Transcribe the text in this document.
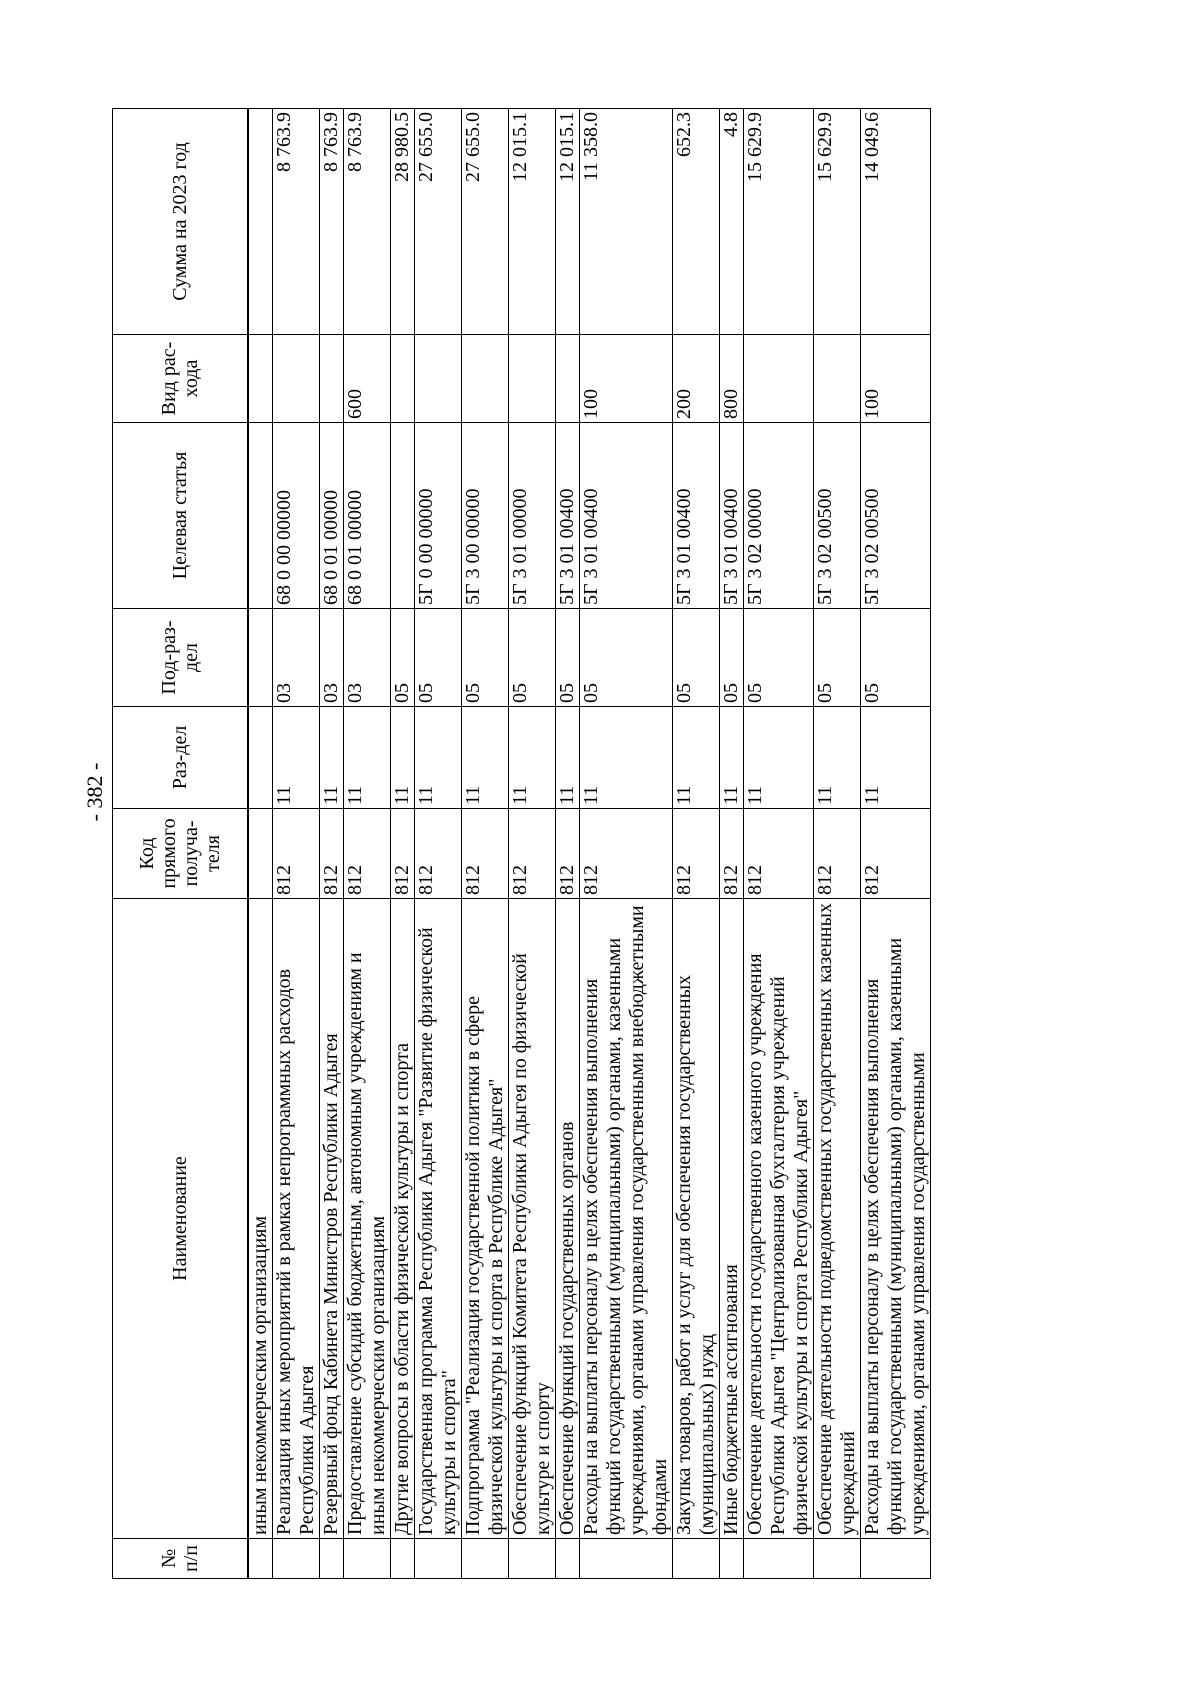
- 382 -
№ п/п	Наименование	Код прямого получа-теля	Раз-дел	Под-раз-дел	Целевая статья	Вид рас-хода	Сумма на 2023 год
	иным некоммерческим организациям						
	Реализация иных мероприятий в рамках непрограммных расходов Республики Адыгея	812	11	03	68 0 00 00000		8 763.9
	Резервный фонд Кабинета Министров Республики Адыгея	812	11	03	68 0 01 00000		8 763.9
	Предоставление субсидий бюджетным, автономным учреждениям и иным некоммерческим организациям	812	11	03	68 0 01 00000	600	8 763.9
	Другие вопросы в области физической культуры и спорта	812	11	05			28 980.5
	Государственная программа Республики Адыгея "Развитие физической культуры и спорта"	812	11	05	5Г 0 00 00000		27 655.0
	Подпрограмма "Реализация государственной политики в сфере физической культуры и спорта в Республике Адыгея"	812	11	05	5Г 3 00 00000		27 655.0
	Обеспечение функций Комитета Республики Адыгея по физической культуре и спорту	812	11	05	5Г 3 01 00000		12 015.1
	Обеспечение функций государственных органов	812	11	05	5Г 3 01 00400		12 015.1
	Расходы на выплаты персоналу в целях обеспечения выполнения функций государственными (муниципальными) органами, казенными учреждениями, органами управления государственными внебюджетными фондами	812	11	05	5Г 3 01 00400	100	11 358.0
	Закупка товаров, работ и услуг для обеспечения государственных (муниципальных) нужд	812	11	05	5Г 3 01 00400	200	652.3
	Иные бюджетные ассигнования	812	11	05	5Г 3 01 00400	800	4.8
	Обеспечение деятельности государственного казенного учреждения Республики Адыгея "Централизованная бухгалтерия учреждений физической культуры и спорта Республики Адыгея"	812	11	05	5Г 3 02 00000		15 629.9
	Обеспечение деятельности подведомственных государственных казенных учреждений	812	11	05	5Г 3 02 00500		15 629.9
	Расходы на выплаты персоналу в целях обеспечения выполнения функций государственными (муниципальными) органами, казенными учреждениями, органами управления государственными	812	11	05	5Г 3 02 00500	100	14 049.6
